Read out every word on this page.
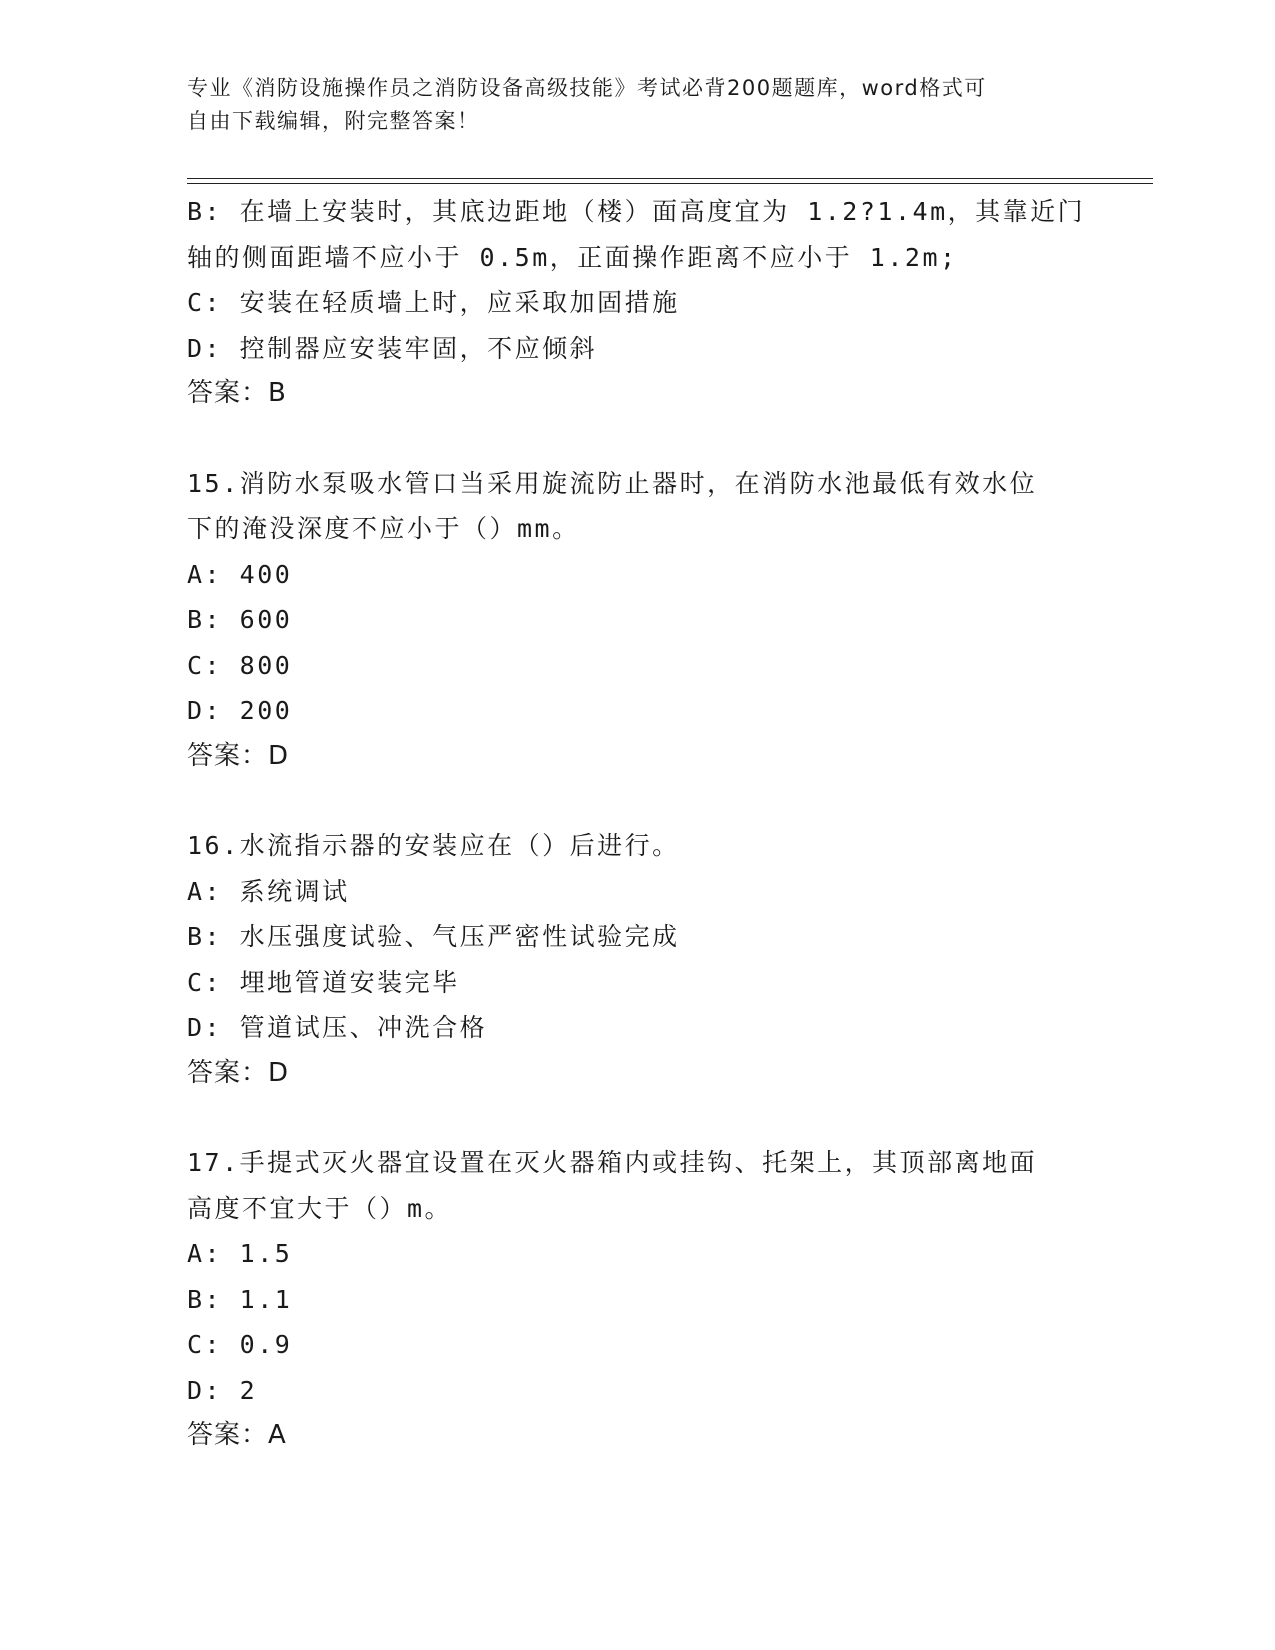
专业《消防设施操作员之消防设备高级技能》考试必背200题题库，word格式可
自由下载编辑，附完整答案！
B: 在墙上安装时，其底边距地（楼）面高度宜为 1.2?1.4m，其靠近门
轴的侧面距墙不应小于 0.5m，正面操作距离不应小于 1.2m;
C: 安装在轻质墙上时，应采取加固措施
D: 控制器应安装牢固，不应倾斜
答案：B
15.消防水泵吸水管口当采用旋流防止器时，在消防水池最低有效水位
下的淹没深度不应小于（）mm。
A: 400
B: 600
C: 800
D: 200
答案：D
16.水流指示器的安装应在（）后进行。
A: 系统调试
B: 水压强度试验、气压严密性试验完成
C: 埋地管道安装完毕
D: 管道试压、冲洗合格
答案：D
17.手提式灭火器宜设置在灭火器箱内或挂钩、托架上，其顶部离地面
高度不宜大于（）m。
A: 1.5
B: 1.1
C: 0.9
D: 2
答案：A
